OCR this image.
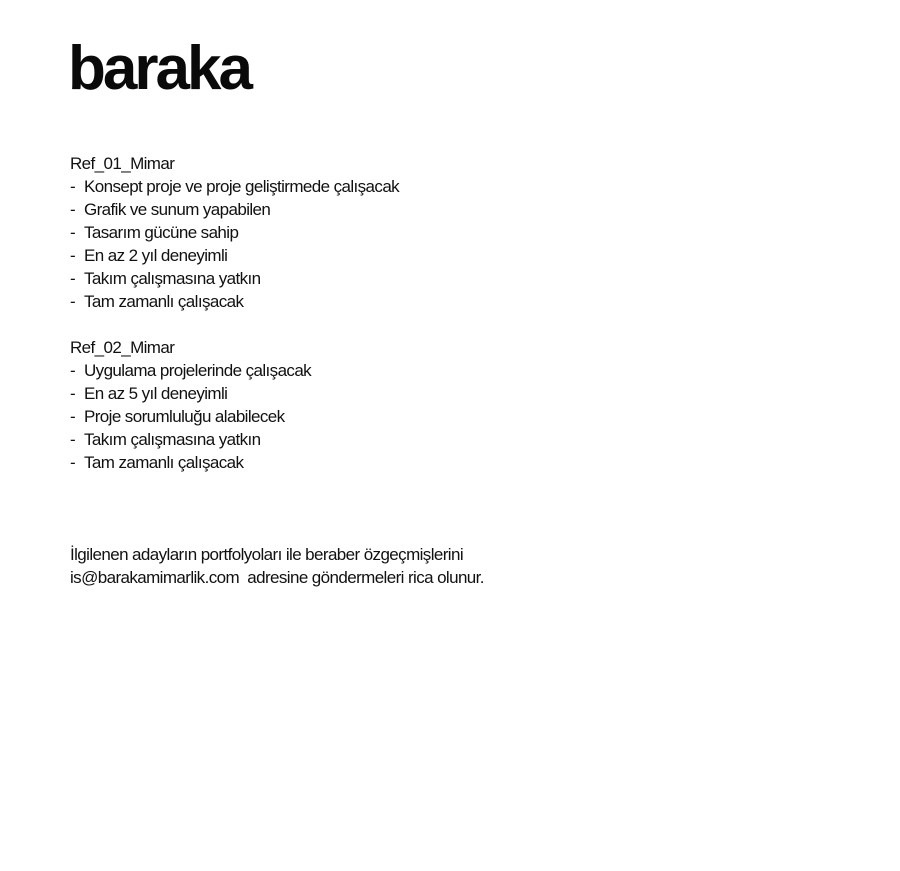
baraka
Ref_01_Mimar
- Konsept proje ve proje geliştirmede çalışacak
- Grafik ve sunum yapabilen
- Tasarım gücüne sahip
- En az 2 yıl deneyimli
- Takım çalışmasına yatkın
- Tam zamanlı çalışacak
Ref_02_Mimar
- Uygulama projelerinde çalışacak
- En az 5 yıl deneyimli
- Proje sorumluluğu alabilecek
- Takım çalışmasına yatkın
- Tam zamanlı çalışacak

İlgilenen adayların portfolyoları ile beraber özgeçmişlerini

is@barakamimarlik.com  adresine göndermeleri rica olunur.
